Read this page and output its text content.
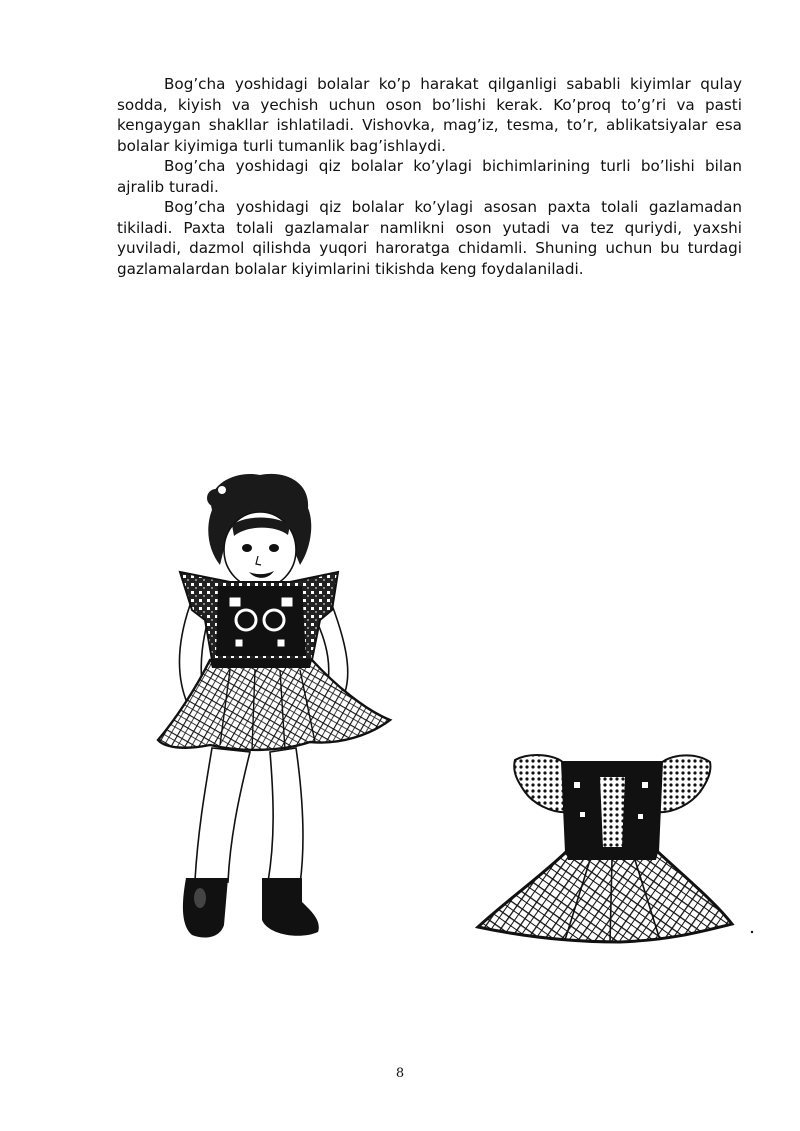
Bog’cha yoshidagi bolalar ko’p harakat qilganligi sababli kiyimlar qulay sodda, kiyish va yechish uchun oson bo’lishi kerak. Ko’proq to’g’ri va pasti kengaygan shakllar ishlatiladi. Vishovka, mag’iz, tesma, to’r, ablikatsiyalar esa bolalar kiyimiga turli tumanlik bag’ishlaydi.

Bog’cha yoshidagi qiz bolalar ko’ylagi bichimlarining turli bo’lishi bilan ajralib turadi.

Bog’cha yoshidagi qiz bolalar ko’ylagi asosan paxta tolali gazlamadan tikiladi. Paxta tolali gazlamalar namlikni oson yutadi va tez quriydi, yaxshi yuviladi, dazmol qilishda yuqori haroratga chidamli. Shuning uchun bu turdagi gazlamalardan bolalar kiyimlarini tikishda keng foydalaniladi.

8
